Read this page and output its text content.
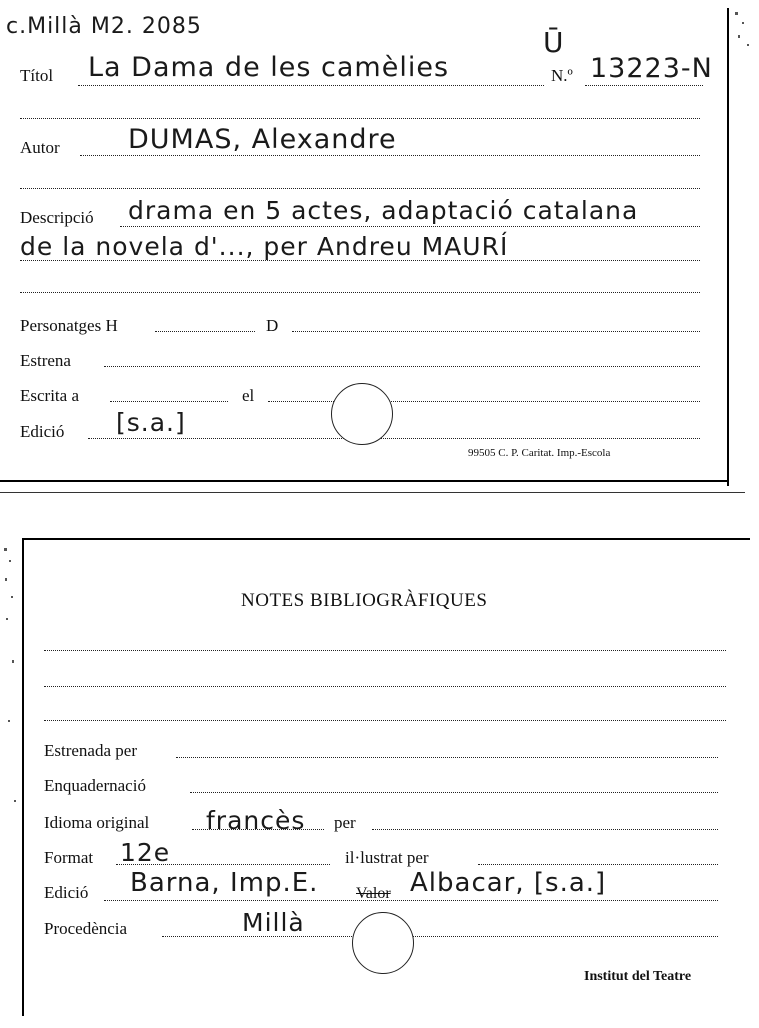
c.Millà M2. 2085	Ū
Títol La Dama de les camèlies	N.º 13223-N
Autor	DUMAS, Alexandre
Descripció drama en 5 actes, adaptació catalana
de la novela d'..., per Andreu MAURÍ
Personatges H	D
Estrena
Escrita a	el
Edició [s.a.]
99505 C. P. Caritat. Imp.-Escola
NOTES BIBLIOGRÀFIQUES
Estrenada per
Enquadernació
Idioma original francès per
Format 12e	il·lustrat per
Edició Barna, Imp.E. Valor Albacar, [s.a.]
Procedència	Millà
Institut del Teatre
